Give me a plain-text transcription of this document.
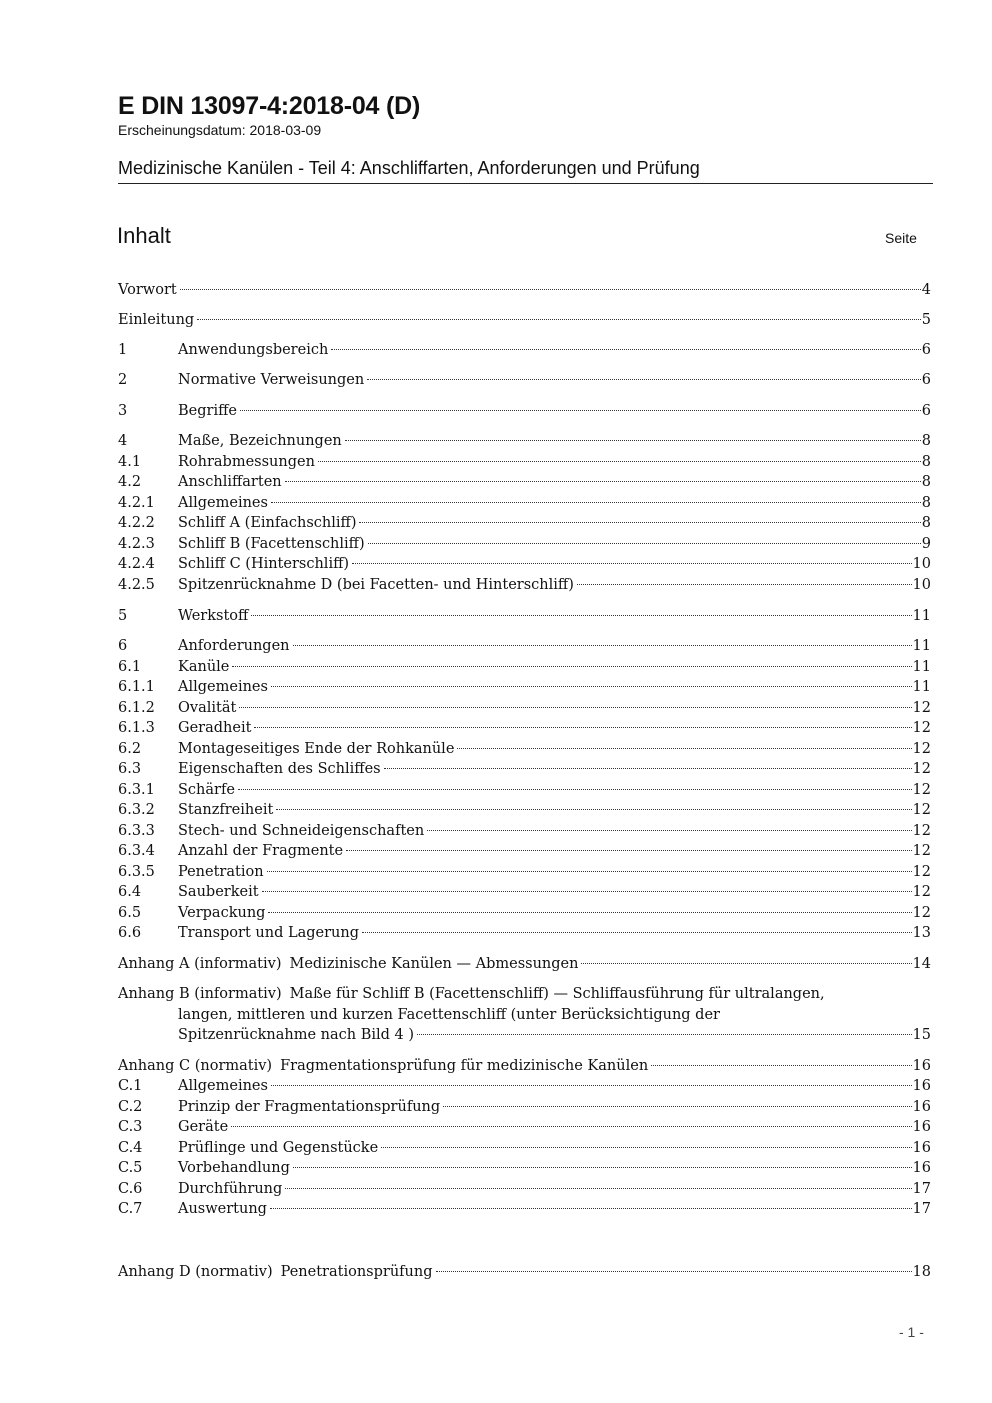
E DIN 13097-4:2018-04 (D)
Erscheinungsdatum: 2018-03-09
Medizinische Kanülen - Teil 4: Anschliffarten, Anforderungen und Prüfung
Inhalt	Seite
Vorwort	4
Einleitung	5
1	Anwendungsbereich	6
2	Normative Verweisungen	6
3	Begriffe	6
4	Maße, Bezeichnungen	8
4.1	Rohrabmessungen	8
4.2	Anschliffarten	8
4.2.1	Allgemeines	8
4.2.2	Schliff A (Einfachschliff)	8
4.2.3	Schliff B (Facettenschliff)	9
4.2.4	Schliff C (Hinterschliff)	10
4.2.5	Spitzenrücknahme D (bei Facetten- und Hinterschliff)	10
5	Werkstoff	11
6	Anforderungen	11
6.1	Kanüle	11
6.1.1	Allgemeines	11
6.1.2	Ovalität	12
6.1.3	Geradheit	12
6.2	Montageseitiges Ende der Rohkanüle	12
6.3	Eigenschaften des Schliffes	12
6.3.1	Schärfe	12
6.3.2	Stanzfreiheit	12
6.3.3	Stech- und Schneideigenschaften	12
6.3.4	Anzahl der Fragmente	12
6.3.5	Penetration	12
6.4	Sauberkeit	12
6.5	Verpackung	12
6.6	Transport und Lagerung	13
Anhang A (informativ) Medizinische Kanülen — Abmessungen	14
Anhang B (informativ) Maße für Schliff B (Facettenschliff) — Schliffausführung für ultralangen,
langen, mittleren und kurzen Facettenschliff (unter Berücksichtigung der
Spitzenrücknahme nach Bild 4 )	15
Anhang C (normativ) Fragmentationsprüfung für medizinische Kanülen	16
C.1	Allgemeines	16
C.2	Prinzip der Fragmentationsprüfung	16
C.3	Geräte	16
C.4	Prüflinge und Gegenstücke	16
C.5	Vorbehandlung	16
C.6	Durchführung	17
C.7	Auswertung	17
Anhang D (normativ) Penetrationsprüfung	18
- 1 -
